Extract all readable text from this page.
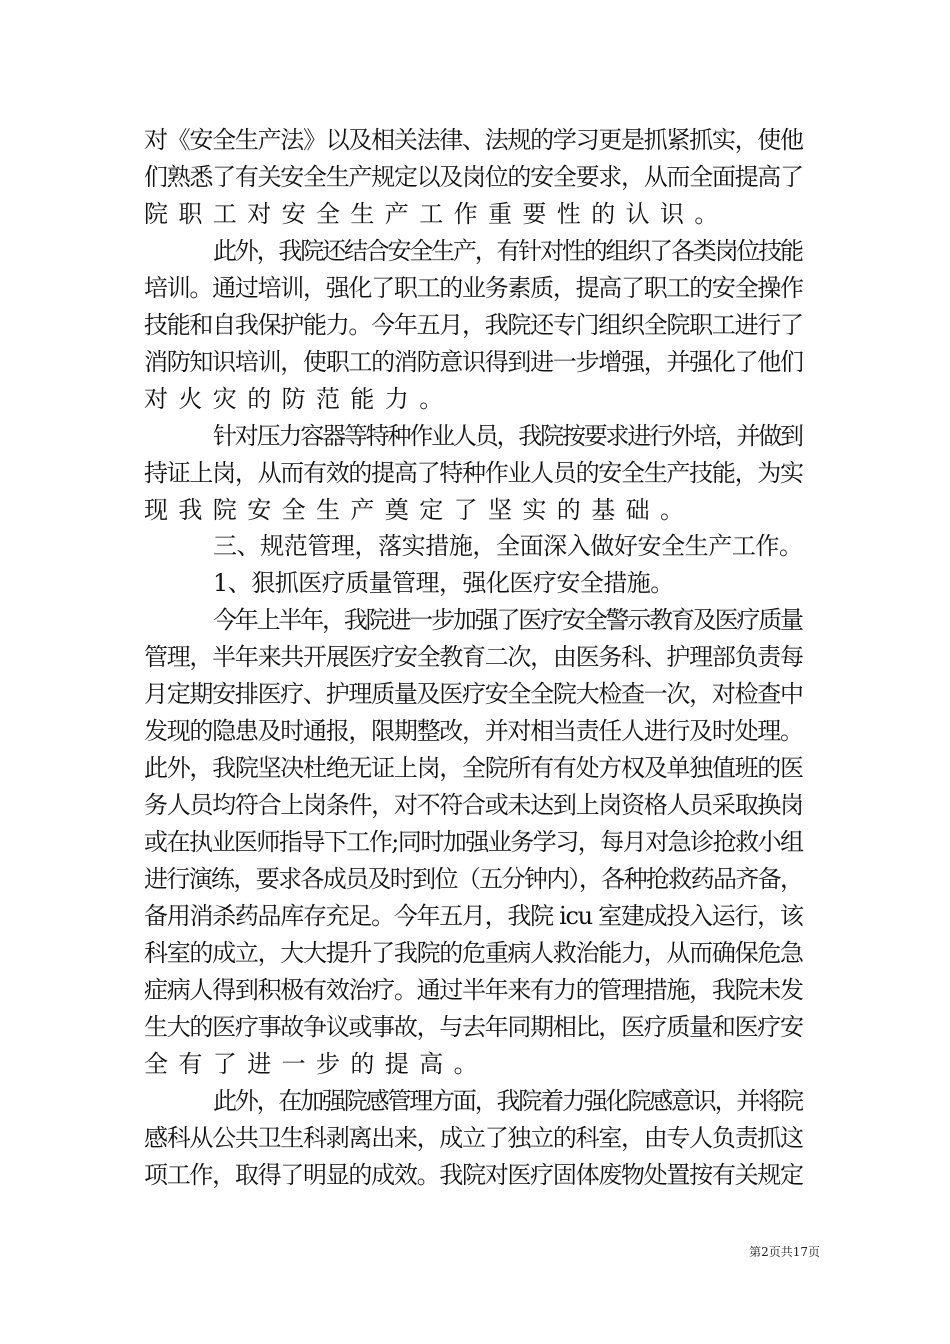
对《安全生产法》以及相关法律、法规的学习更是抓紧抓实，使他
们熟悉了有关安全生产规定以及岗位的安全要求，从而全面提高了
院职工对安全生产工作重要性的认识。
此外，我院还结合安全生产，有针对性的组织了各类岗位技能
培训。通过培训，强化了职工的业务素质，提高了职工的安全操作
技能和自我保护能力。今年五月，我院还专门组织全院职工进行了
消防知识培训，使职工的消防意识得到进一步增强，并强化了他们
对火灾的防范能力。
针对压力容器等特种作业人员，我院按要求进行外培，并做到
持证上岗，从而有效的提高了特种作业人员的安全生产技能，为实
现我院安全生产奠定了坚实的基础。
三、规范管理，落实措施，全面深入做好安全生产工作。
1、狠抓医疗质量管理，强化医疗安全措施。
今年上半年，我院进一步加强了医疗安全警示教育及医疗质量
管理，半年来共开展医疗安全教育二次，由医务科、护理部负责每
月定期安排医疗、护理质量及医疗安全全院大检查一次，对检查中
发现的隐患及时通报，限期整改，并对相当责任人进行及时处理。
此外，我院坚决杜绝无证上岗，全院所有有处方权及单独值班的医
务人员均符合上岗条件，对不符合或未达到上岗资格人员采取换岗
或在执业医师指导下工作;同时加强业务学习，每月对急诊抢救小组
进行演练，要求各成员及时到位（五分钟内），各种抢救药品齐备，
备用消杀药品库存充足。今年五月，我院 icu 室建成投入运行，该
科室的成立，大大提升了我院的危重病人救治能力，从而确保危急
症病人得到积极有效治疗。通过半年来有力的管理措施，我院未发
生大的医疗事故争议或事故，与去年同期相比，医疗质量和医疗安
全有了进一步的提高。
此外，在加强院感管理方面，我院着力强化院感意识，并将院
感科从公共卫生科剥离出来，成立了独立的科室，由专人负责抓这
项工作，取得了明显的成效。我院对医疗固体废物处置按有关规定
第2页共17页
